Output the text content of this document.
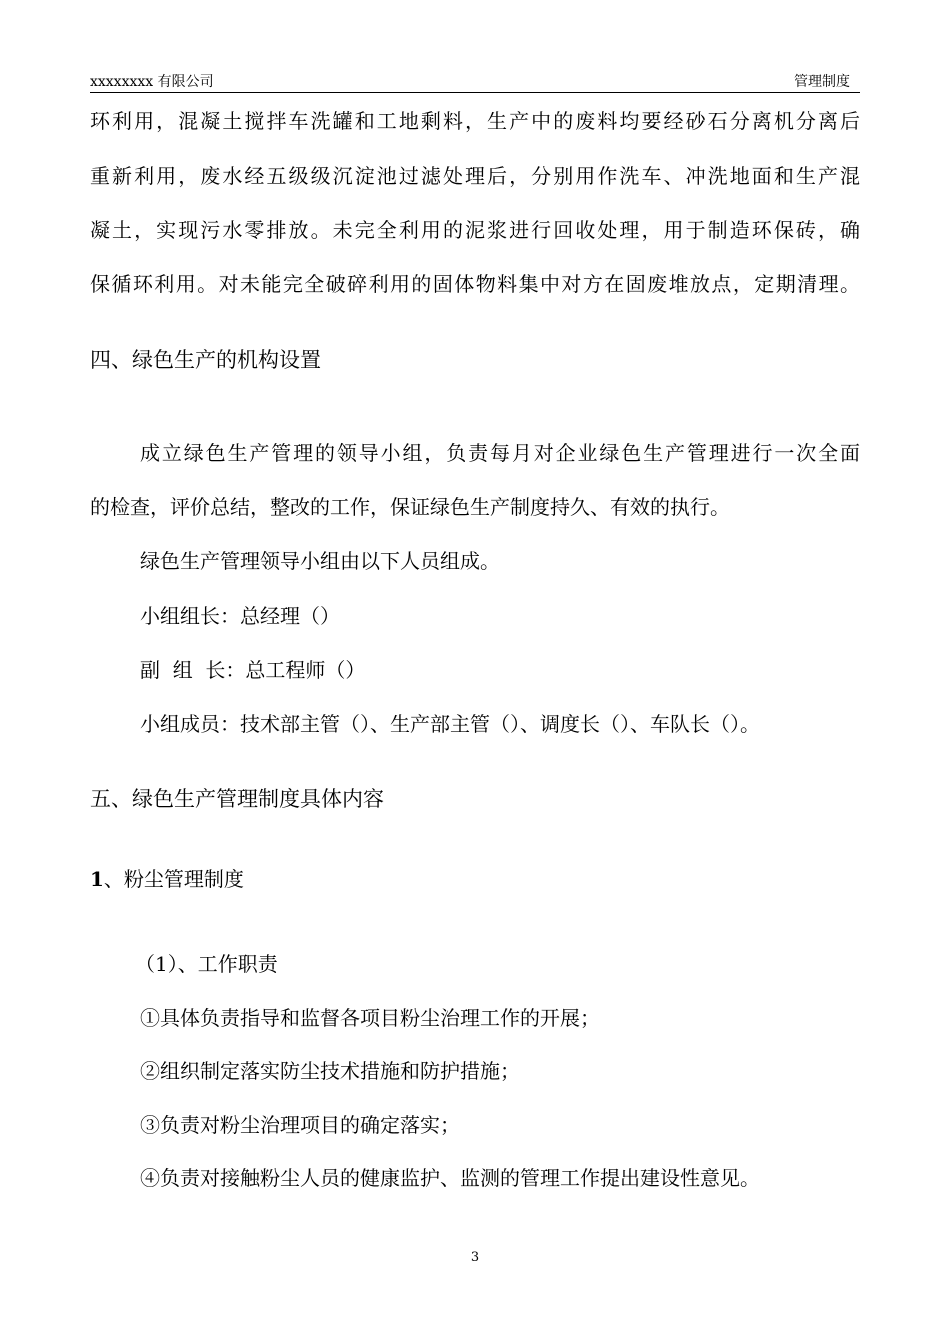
xxxxxxxx 有限公司	管理制度
环利用，混凝土搅拌车洗罐和工地剩料，生产中的废料均要经砂石分离机分离后
重新利用，废水经五级级沉淀池过滤处理后，分别用作洗车、冲洗地面和生产混
凝土，实现污水零排放。未完全利用的泥浆进行回收处理，用于制造环保砖，确
保循环利用。对未能完全破碎利用的固体物料集中对方在固废堆放点，定期清理。
四、绿色生产的机构设置
成立绿色生产管理的领导小组，负责每月对企业绿色生产管理进行一次全面
的检查，评价总结，整改的工作，保证绿色生产制度持久、有效的执行。
绿色生产管理领导小组由以下人员组成。
小组组长：总经理（）
副  组  长：总工程师（）
小组成员：技术部主管（）、生产部主管（）、调度长（）、车队长（）。
五、绿色生产管理制度具体内容
1、粉尘管理制度
（1）、工作职责
①具体负责指导和监督各项目粉尘治理工作的开展；
②组织制定落实防尘技术措施和防护措施；
③负责对粉尘治理项目的确定落实；
④负责对接触粉尘人员的健康监护、监测的管理工作提出建设性意见。
3
